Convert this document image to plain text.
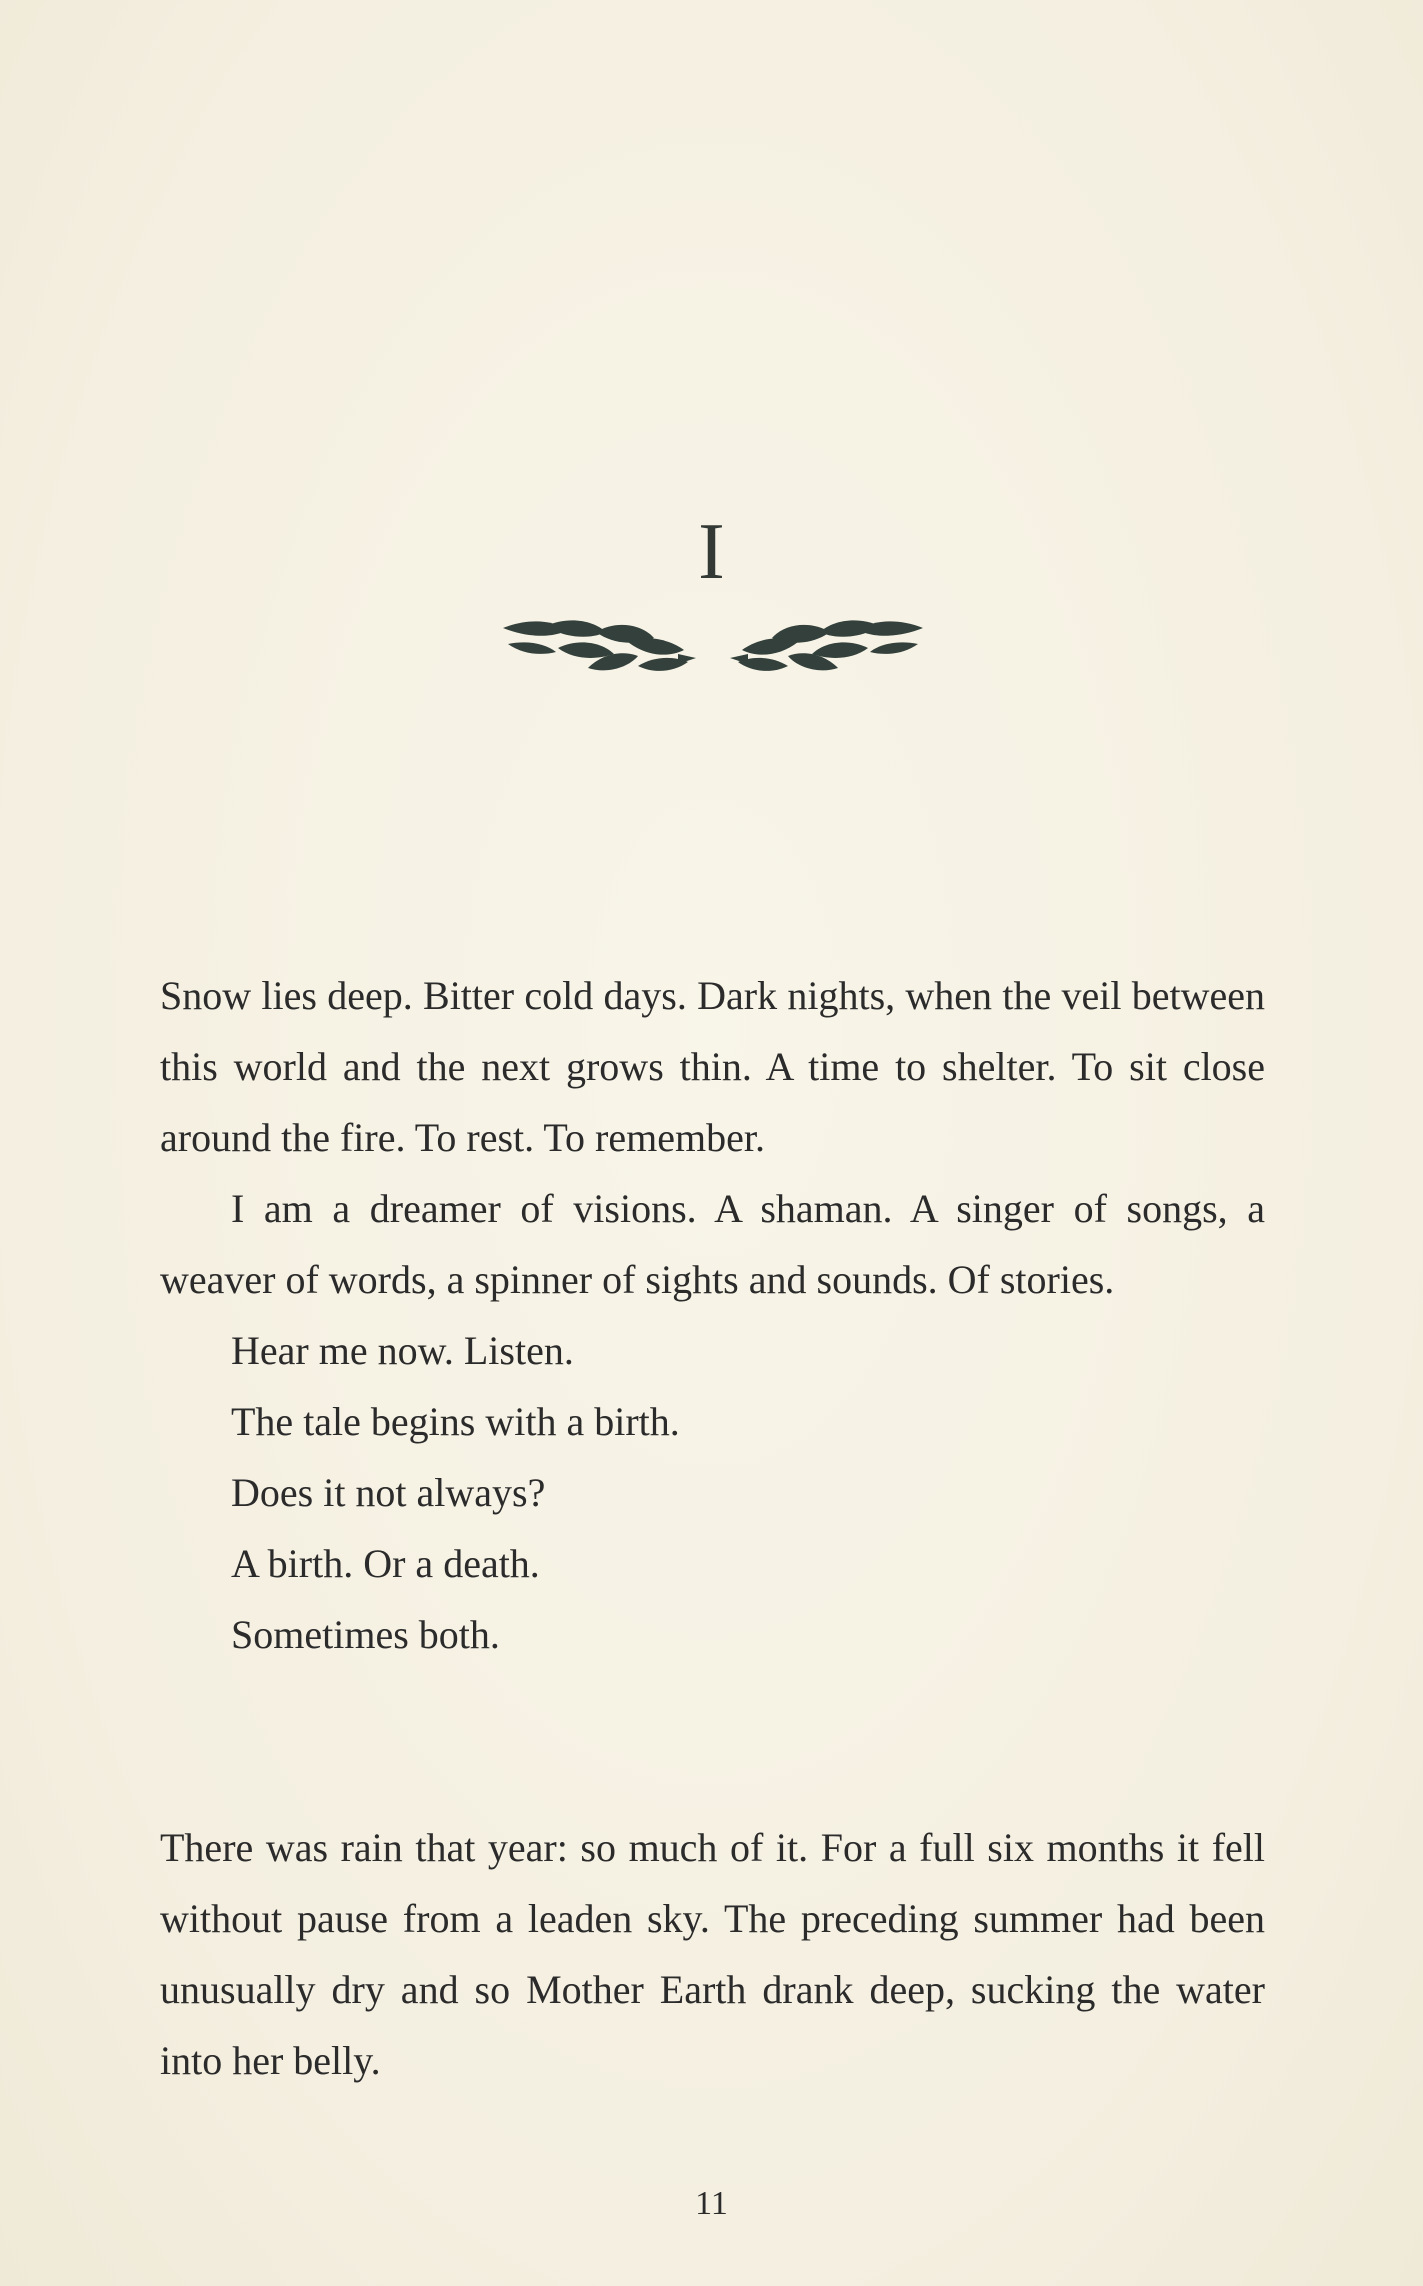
I

Snow lies deep. Bitter cold days. Dark nights, when the veil between this world and the next grows thin. A time to shelter. To sit close around the fire. To rest. To remember.

I am a dreamer of visions. A shaman. A singer of songs, a weaver of words, a spinner of sights and sounds. Of stories.

Hear me now. Listen.

The tale begins with a birth.

Does it not always?

A birth. Or a death.

Sometimes both.

There was rain that year: so much of it. For a full six months it fell without pause from a leaden sky. The preceding summer had been unusually dry and so Mother Earth drank deep, sucking the water into her belly.

11
